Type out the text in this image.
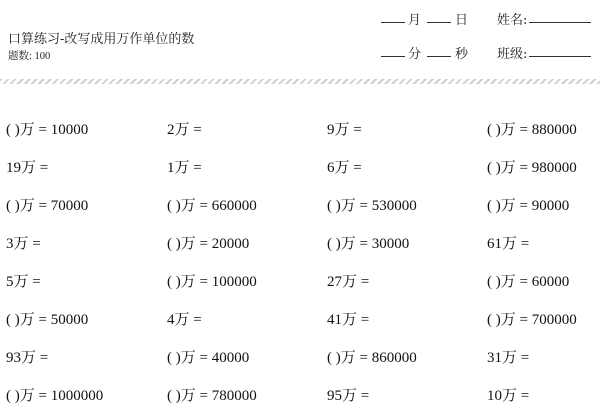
口算练习-改写成用万作单位的数
题数: 100
月	日 姓名:
分	秒 班级:
( )万 = 10000	2万 =	9万 =	( )万 = 880000
19万 =	1万 =	6万 =	( )万 = 980000
( )万 = 70000	( )万 = 660000	( )万 = 530000	( )万 = 90000
3万 =	( )万 = 20000	( )万 = 30000	61万 =
5万 =	( )万 = 100000	27万 =	( )万 = 60000
( )万 = 50000	4万 =	41万 =	( )万 = 700000
93万 =	( )万 = 40000	( )万 = 860000	31万 =
( )万 = 1000000	( )万 = 780000	95万 =	10万 =
